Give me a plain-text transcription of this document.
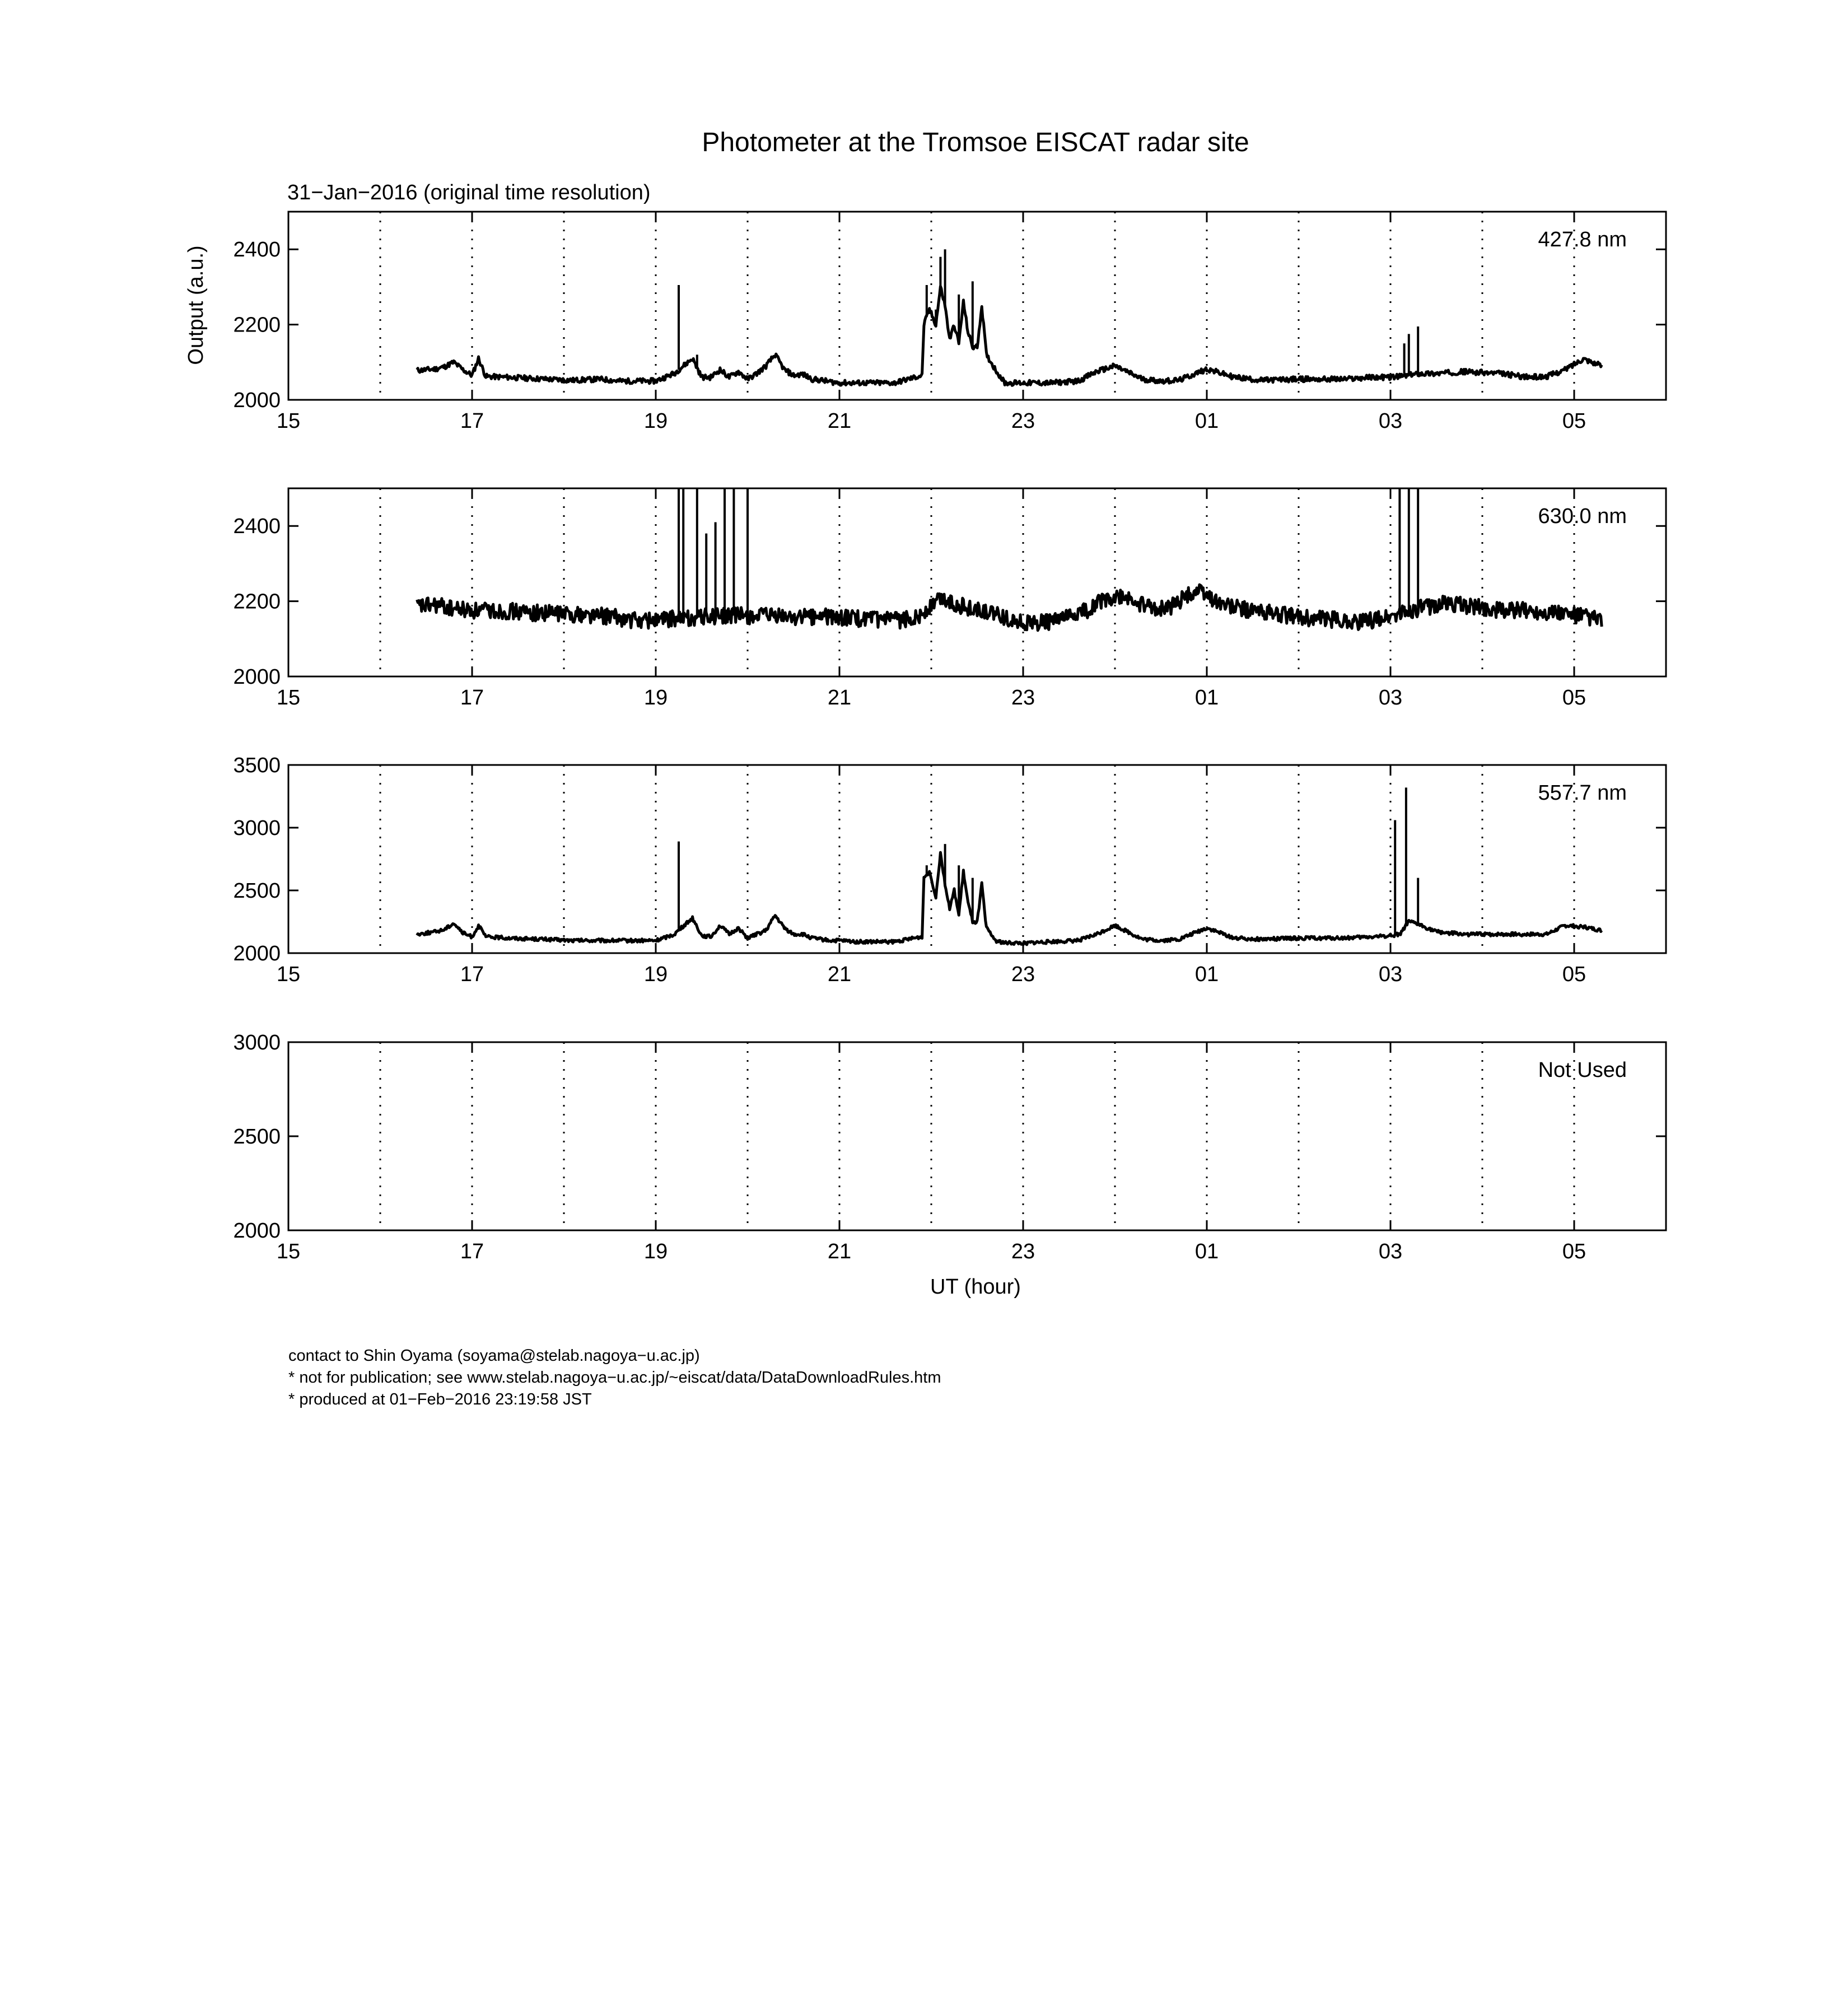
Photometer at the Tromsoe EISCAT radar site
31−Jan−2016 (original time resolution)
Output (a.u.)
UT (hour)
15	17	19	21	23	01	03	05
2000
2200
2400	427.8 nm
15	17	19	21	23	01	03	05
2000
2200
2400	630.0 nm
15	17	19	21	23	01	03	05
2000
2500
3000
3500
557.7 nm
15	17	19	21	23	01	03	05
2000
2500
3000
Not Used
contact to Shin Oyama (soyama@stelab.nagoya−u.ac.jp)
* not for publication; see www.stelab.nagoya−u.ac.jp/~eiscat/data/DataDownloadRules.htm
* produced at 01−Feb−2016 23:19:58 JST
